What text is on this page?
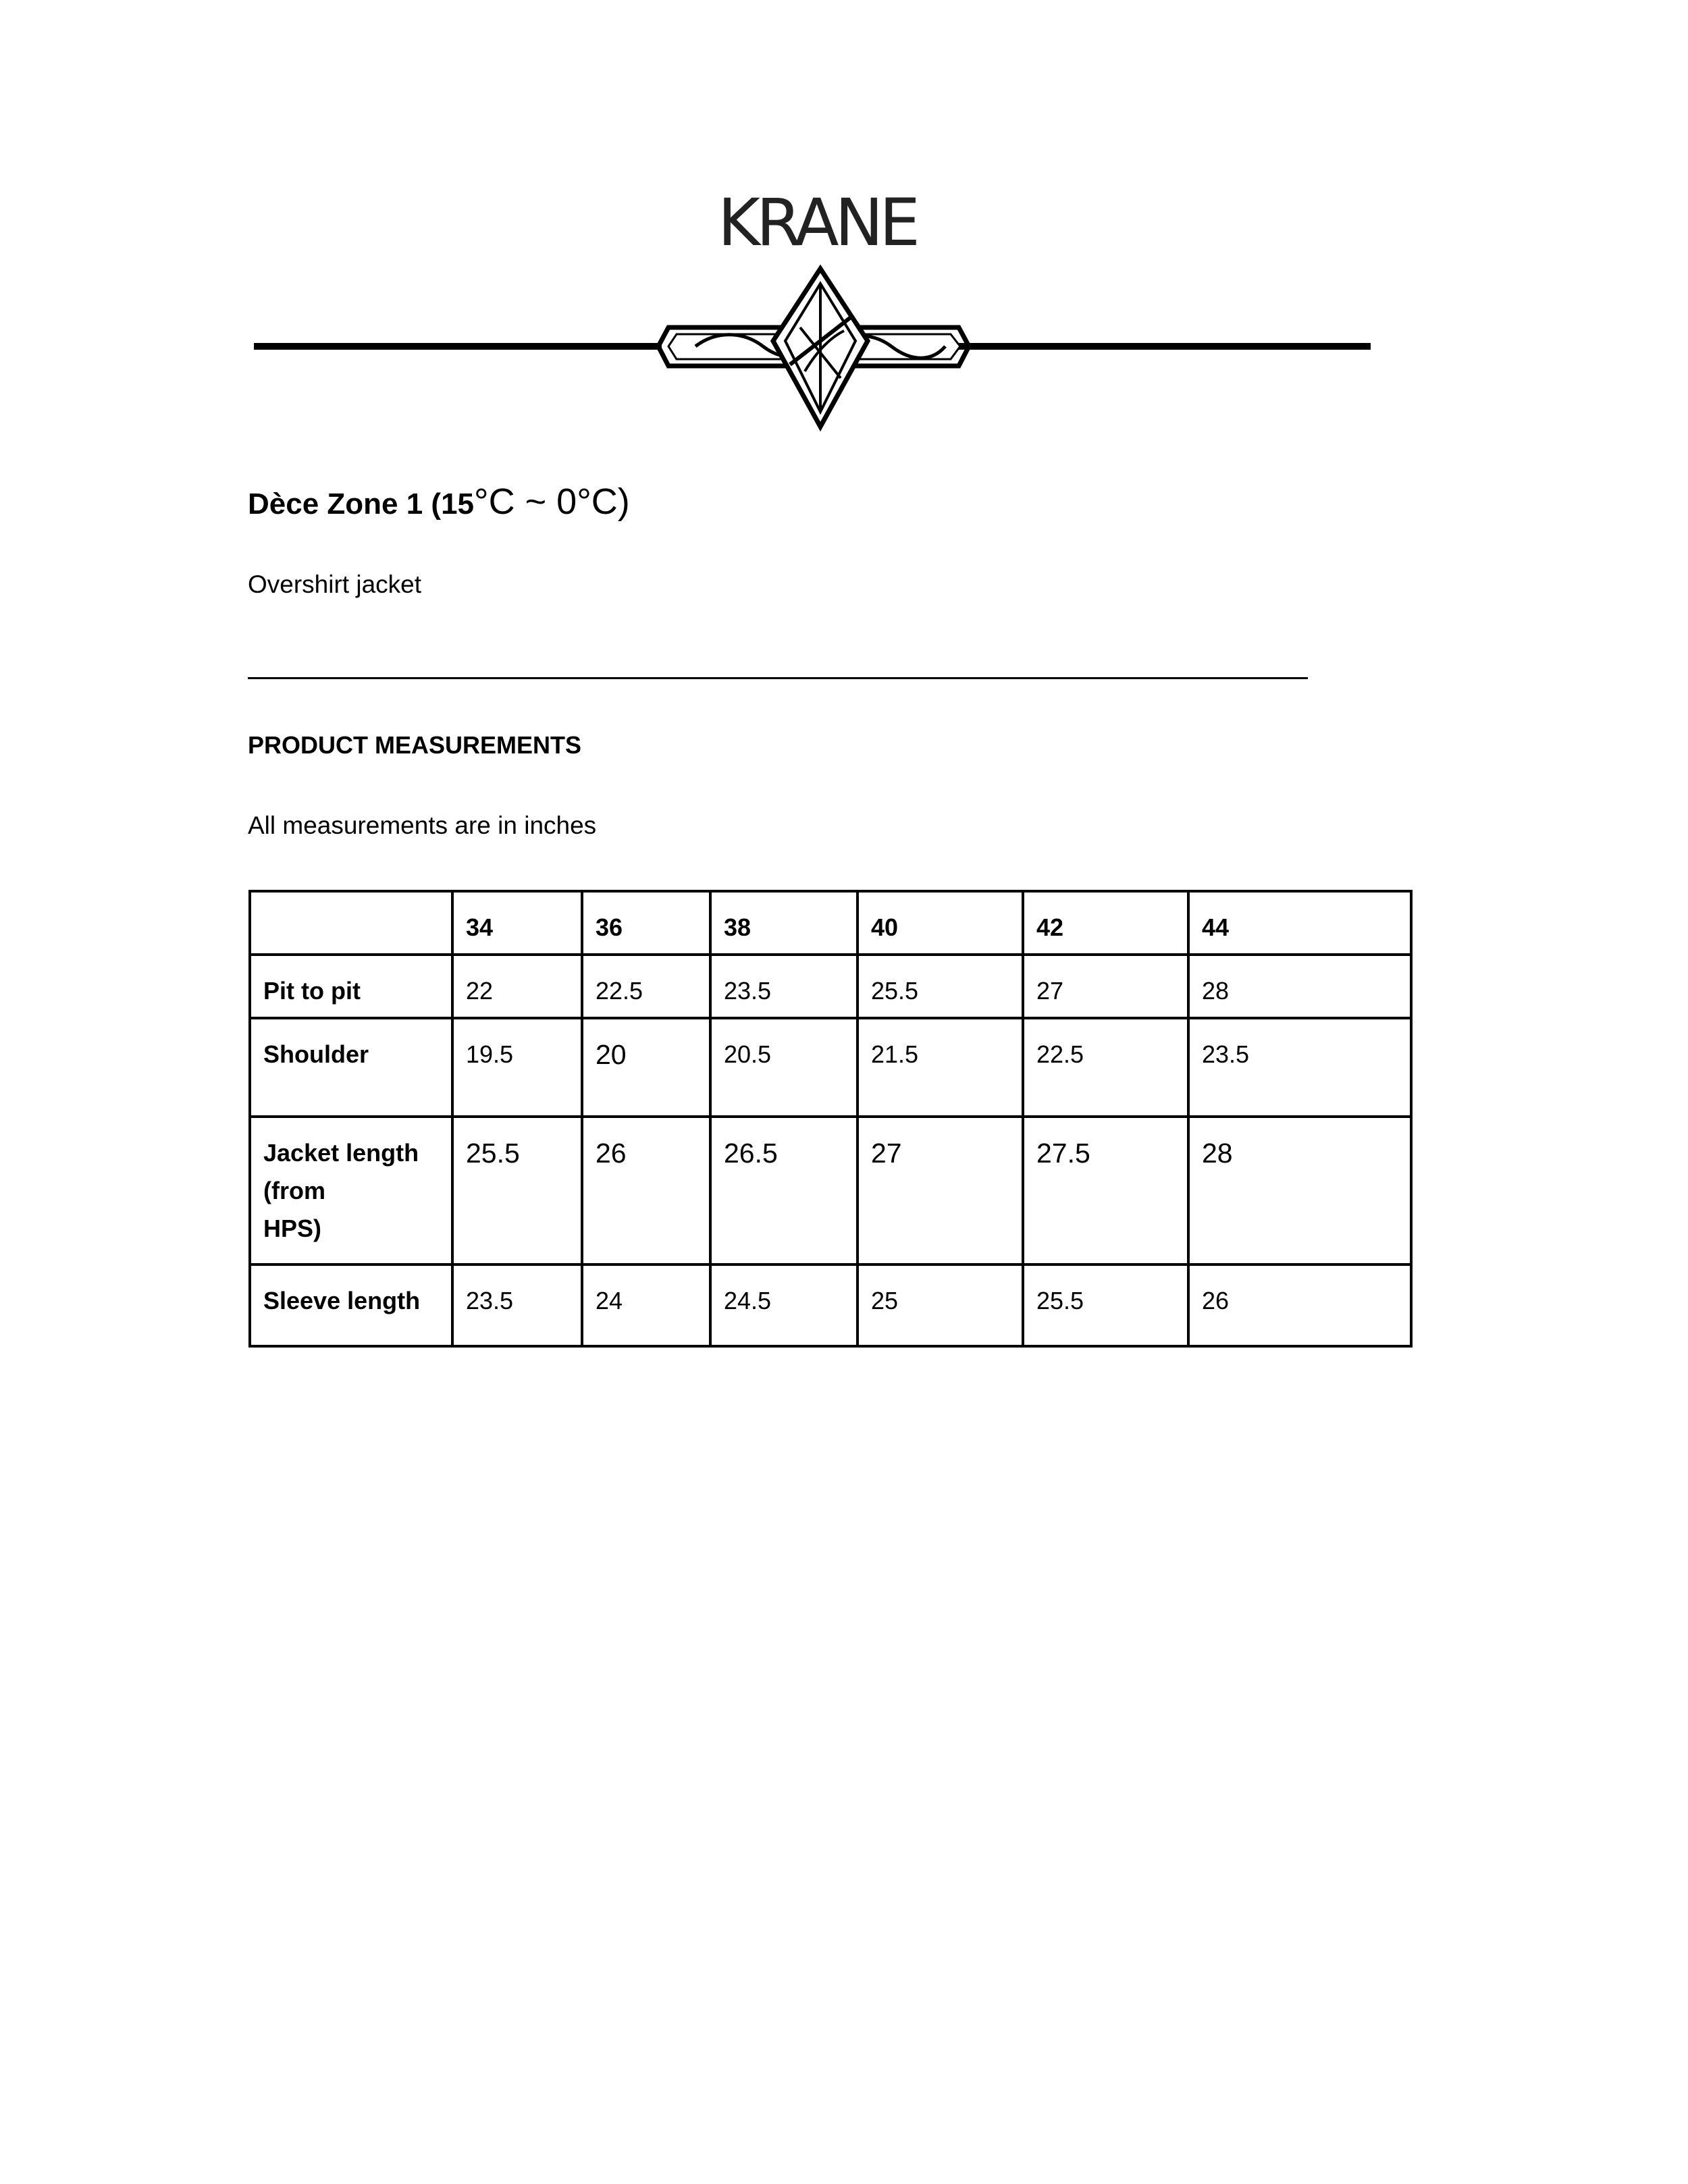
KRANE
Dèce Zone 1 (15°C ~ 0°C)
Overshirt jacket
PRODUCT MEASUREMENTS
All measurements are in inches
	34	36	38	40	42	44

Pit to pit	22	22.5	23.5	25.5	27	28

Shoulder	19.5	20	20.5	21.5	22.5	23.5

Jacket length
(from
HPS)	25.5	26	26.5	27	27.5	28

Sleeve length	23.5	24	24.5	25	25.5	26
